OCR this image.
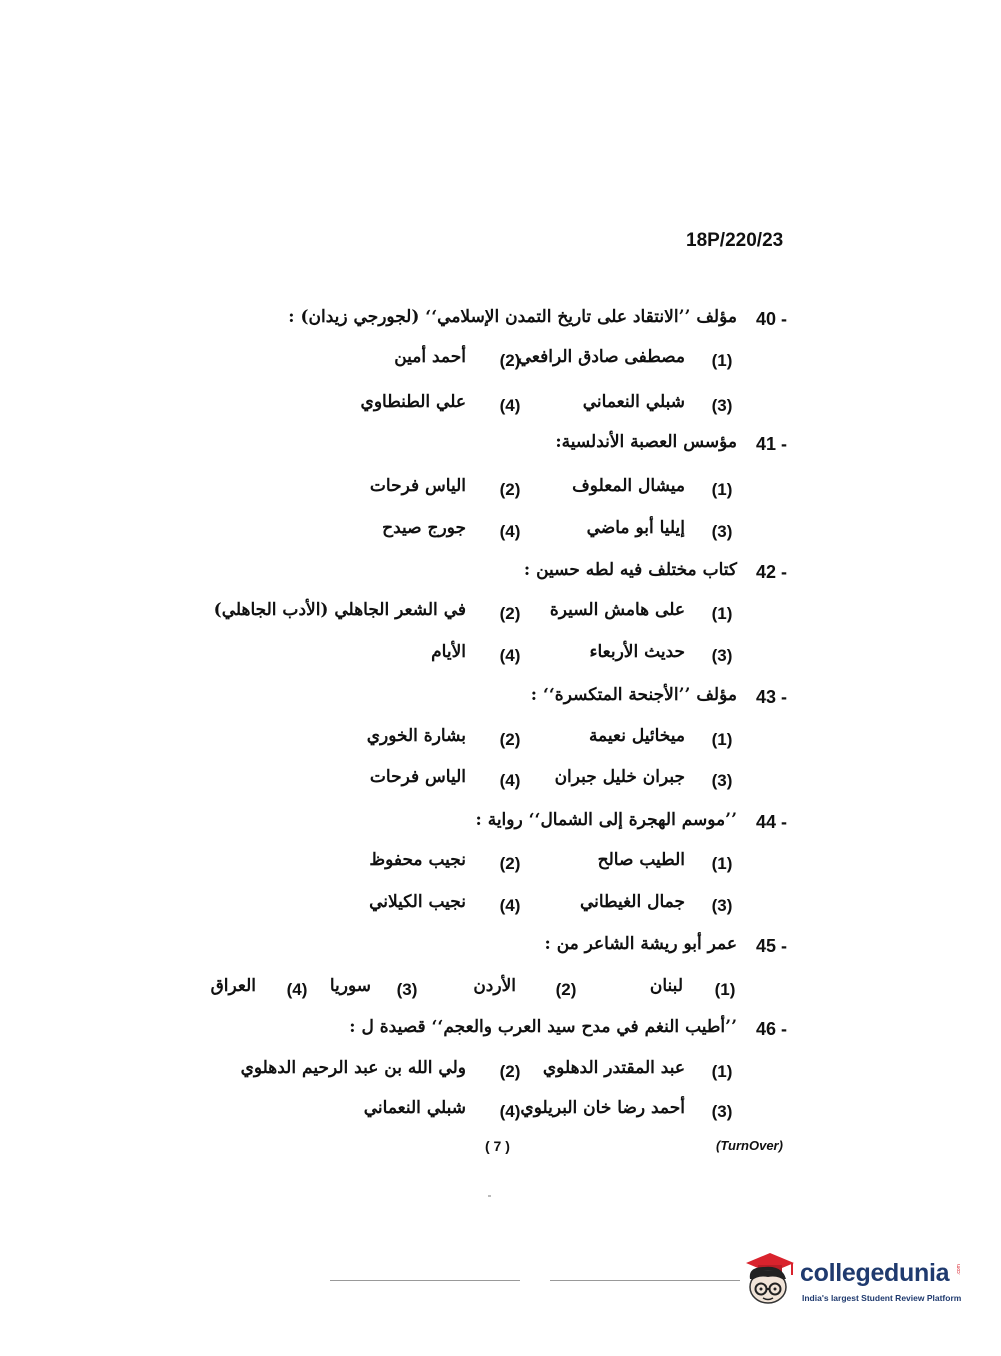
18P/220/23
40 -
مؤلف ’’الانتقاد على تاريخ التمدن الإسلامي‘‘ (لجورجي زيدان) :
(1)
مصطفى صادق الرافعي
(2)
أحمد أمين
(3)
شبلي النعماني
(4)
علي الطنطاوي
41 -
مؤسس العصبة الأندلسية:
(1)
ميشال المعلوف
(2)
الياس فرحات
(3)
إيليا أبو ماضي
(4)
جورج صيدح
42 -
كتاب مختلف فيه لطه حسين :
(1)
على هامش السيرة
(2)
في الشعر الجاهلي (الأدب الجاهلي)
(3)
حديث الأربعاء
(4)
الأيام
43 -
مؤلف ’’الأجنحة المتكسرة‘‘ :
(1)
ميخائيل نعيمة
(2)
بشارة الخوري
(3)
جبران خليل جبران
(4)
الياس فرحات
44 -
’’موسم الهجرة إلى الشمال‘‘ رواية :
(1)
الطيب صالح
(2)
نجيب محفوظ
(3)
جمال الغيطاني
(4)
نجيب الكيلاني
45 -
عمر أبو ريشة الشاعر من :
(1)
لبنان
(2)
الأردن
(3)
سوريا
(4)
العراق
46 -
’’أطيب النغم في مدح سيد العرب والعجم‘‘ قصيدة ل :
(1)
عبد المقتدر الدهلوي
(2)
ولي الله بن عبد الرحيم الدهلوي
(3)
أحمد رضا خان البريلوي
(4)
شبلي النعماني
( 7 )	(TurnOver)
collegedunia .com
India's largest Student Review Platform
